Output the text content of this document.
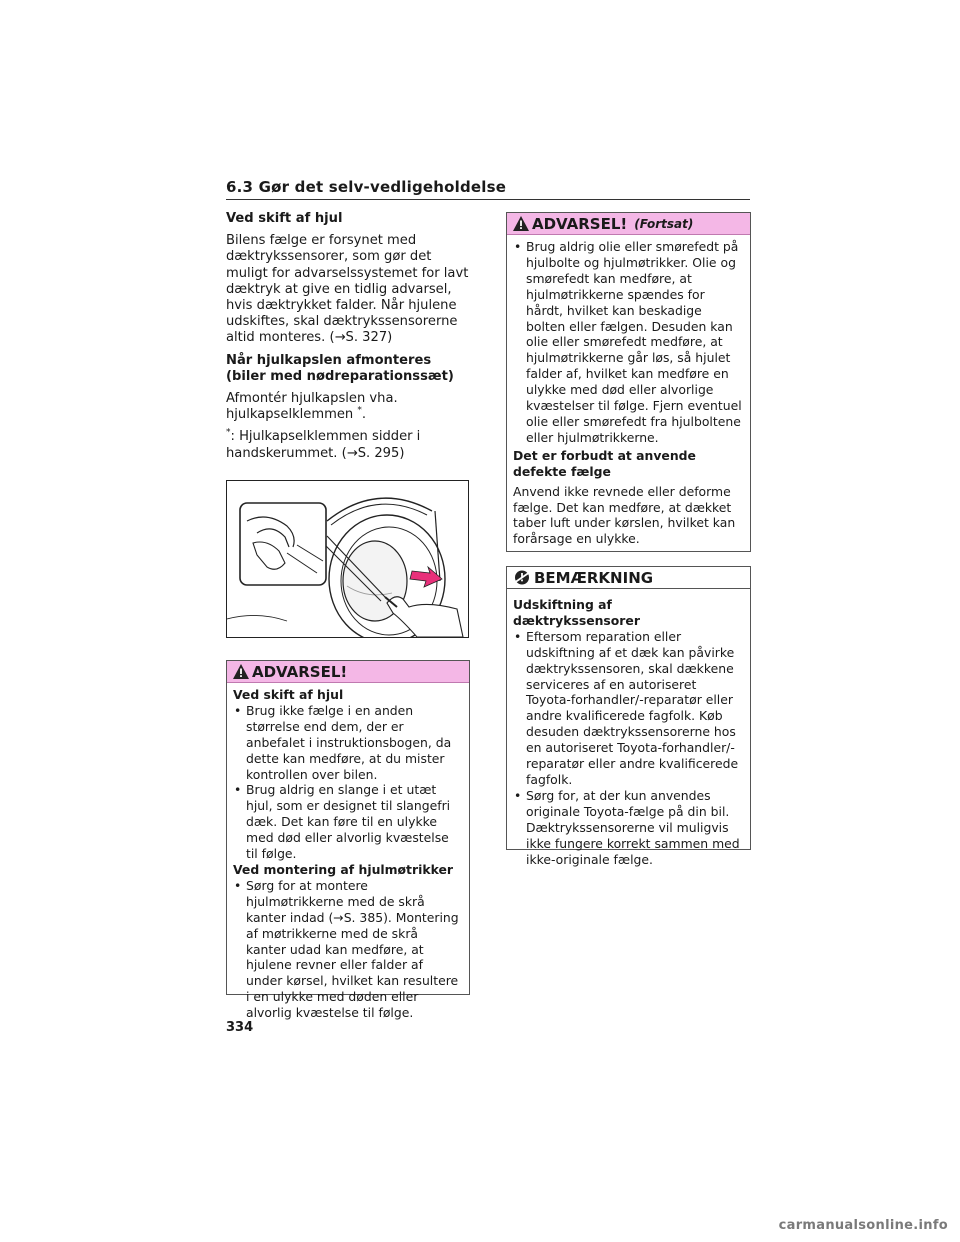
6.3 Gør det selv-vedligeholdelse

Ved skift af hjul

Bilens fælge er forsynet med dæktrykssensorer, som gør det muligt for advarselssystemet for lavt dæktryk at give en tidlig advarsel, hvis dæktrykket falder. Når hjulene udskiftes, skal dæktrykssensorerne altid monteres. (→S. 327)

Når hjulkapslen afmonteres (biler med nødreparationssæt)

Afmontér hjulkapslen vha. hjulkapselklemmen *.

*: Hjulkapselklemmen sidder i handskerummet. (→S. 295)

ADVARSEL!

Ved skift af hjul

• Brug ikke fælge i en anden størrelse end dem, der er anbefalet i instruktionsbogen, da dette kan medføre, at du mister kontrollen over bilen.
• Brug aldrig en slange i et utæt hjul, som er designet til slangefri dæk. Det kan føre til en ulykke med død eller alvorlig kvæstelse til følge.

Ved montering af hjulmøtrikker

• Sørg for at montere hjulmøtrikkerne med de skrå kanter indad (→S. 385). Montering af møtrikkerne med de skrå kanter udad kan medføre, at hjulene revner eller falder af under kørsel, hvilket kan resultere i en ulykke med døden eller alvorlig kvæstelse til følge.
ADVARSEL! (Fortsat)
• Brug aldrig olie eller smørefedt på hjulbolte og hjulmøtrikker. Olie og smørefedt kan medføre, at hjulmøtrikkerne spændes for hårdt, hvilket kan beskadige bolten eller fælgen. Desuden kan olie eller smørefedt medføre, at hjulmøtrikkerne går løs, så hjulet falder af, hvilket kan medføre en ulykke med død eller alvorlige kvæstelser til følge. Fjern eventuel olie eller smørefedt fra hjulboltene eller hjulmøtrikkerne.

Det er forbudt at anvende defekte fælge

Anvend ikke revnede eller deforme fælge. Det kan medføre, at dækket taber luft under kørslen, hvilket kan forårsage en ulykke.

BEMÆRKNING

Udskiftning af dæktrykssensorer

• Eftersom reparation eller udskiftning af et dæk kan påvirke dæktrykssensoren, skal dækkene serviceres af en autoriseret Toyota-forhandler/-reparatør eller andre kvalificerede fagfolk. Køb desuden dæktrykssensorerne hos en autoriseret Toyota-forhandler/-reparatør eller andre kvalificerede fagfolk.
• Sørg for, at der kun anvendes originale Toyota-fælge på din bil. Dæktrykssensorerne vil muligvis ikke fungere korrekt sammen med ikke-originale fælge.
334
carmanualsonline.info
